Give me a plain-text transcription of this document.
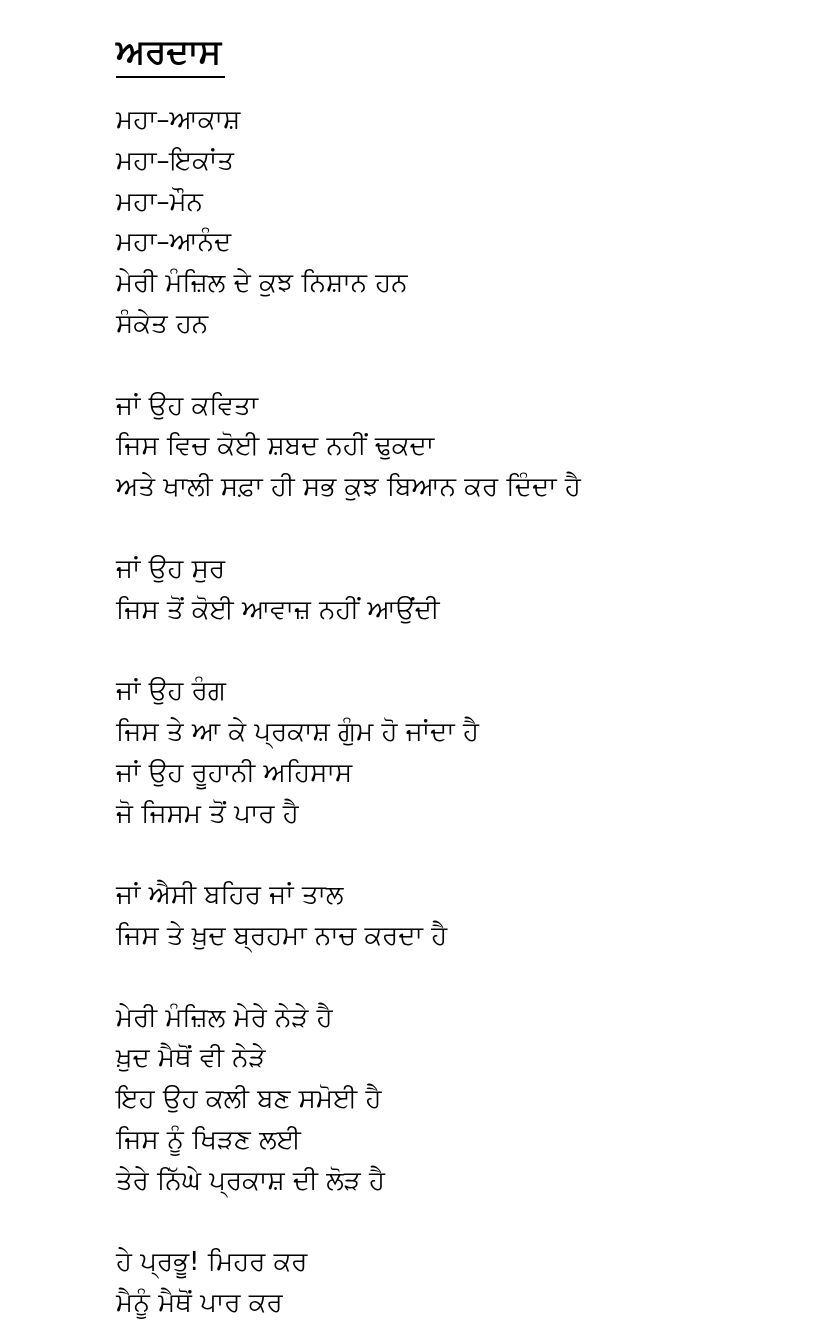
ਅਰਦਾਸ
ਮਹਾ–ਆਕਾਸ਼
ਮਹਾ–ਇਕਾਂਤ
ਮਹਾ–ਮੌਨ
ਮਹਾ–ਆਨੰਦ
ਮੇਰੀ ਮੰਜ਼ਿਲ ਦੇ ਕੁਝ ਨਿਸ਼ਾਨ ਹਨ
ਸੰਕੇਤ ਹਨ
ਜਾਂ ਉਹ ਕਵਿਤਾ
ਜਿਸ ਵਿਚ ਕੋਈ ਸ਼ਬਦ ਨਹੀਂ ਢੁਕਦਾ
ਅਤੇ ਖਾਲੀ ਸਫ਼ਾ ਹੀ ਸਭ ਕੁਝ ਬਿਆਨ ਕਰ ਦਿੰਦਾ ਹੈ
ਜਾਂ ਉਹ ਸੁਰ
ਜਿਸ ਤੋਂ ਕੋਈ ਆਵਾਜ਼ ਨਹੀਂ ਆਉਂਦੀ
ਜਾਂ ਉਹ ਰੰਗ
ਜਿਸ ਤੇ ਆ ਕੇ ਪ੍ਰਕਾਸ਼ ਗੁੰਮ ਹੋ ਜਾਂਦਾ ਹੈ
ਜਾਂ ਉਹ ਰੂਹਾਨੀ ਅਹਿਸਾਸ
ਜੋ ਜਿਸਮ ਤੋਂ ਪਾਰ ਹੈ
ਜਾਂ ਐਸੀ ਬਹਿਰ ਜਾਂ ਤਾਲ
ਜਿਸ ਤੇ ਖ਼ੁਦ ਬ੍ਰਹਮਾ ਨਾਚ ਕਰਦਾ ਹੈ
ਮੇਰੀ ਮੰਜ਼ਿਲ ਮੇਰੇ ਨੇੜੇ ਹੈ
ਖ਼ੁਦ ਮੈਥੋਂ ਵੀ ਨੇੜੇ
ਇਹ ਉਹ ਕਲੀ ਬਣ ਸਮੋਈ ਹੈ
ਜਿਸ ਨੂੰ ਖਿੜਣ ਲਈ
ਤੇਰੇ ਨਿੱਘੇ ਪ੍ਰਕਾਸ਼ ਦੀ ਲੋੜ ਹੈ
ਹੇ ਪ੍ਰਭੂ! ਮਿਹਰ ਕਰ
ਮੈਨੂੰ ਮੈਥੋਂ ਪਾਰ ਕਰ
